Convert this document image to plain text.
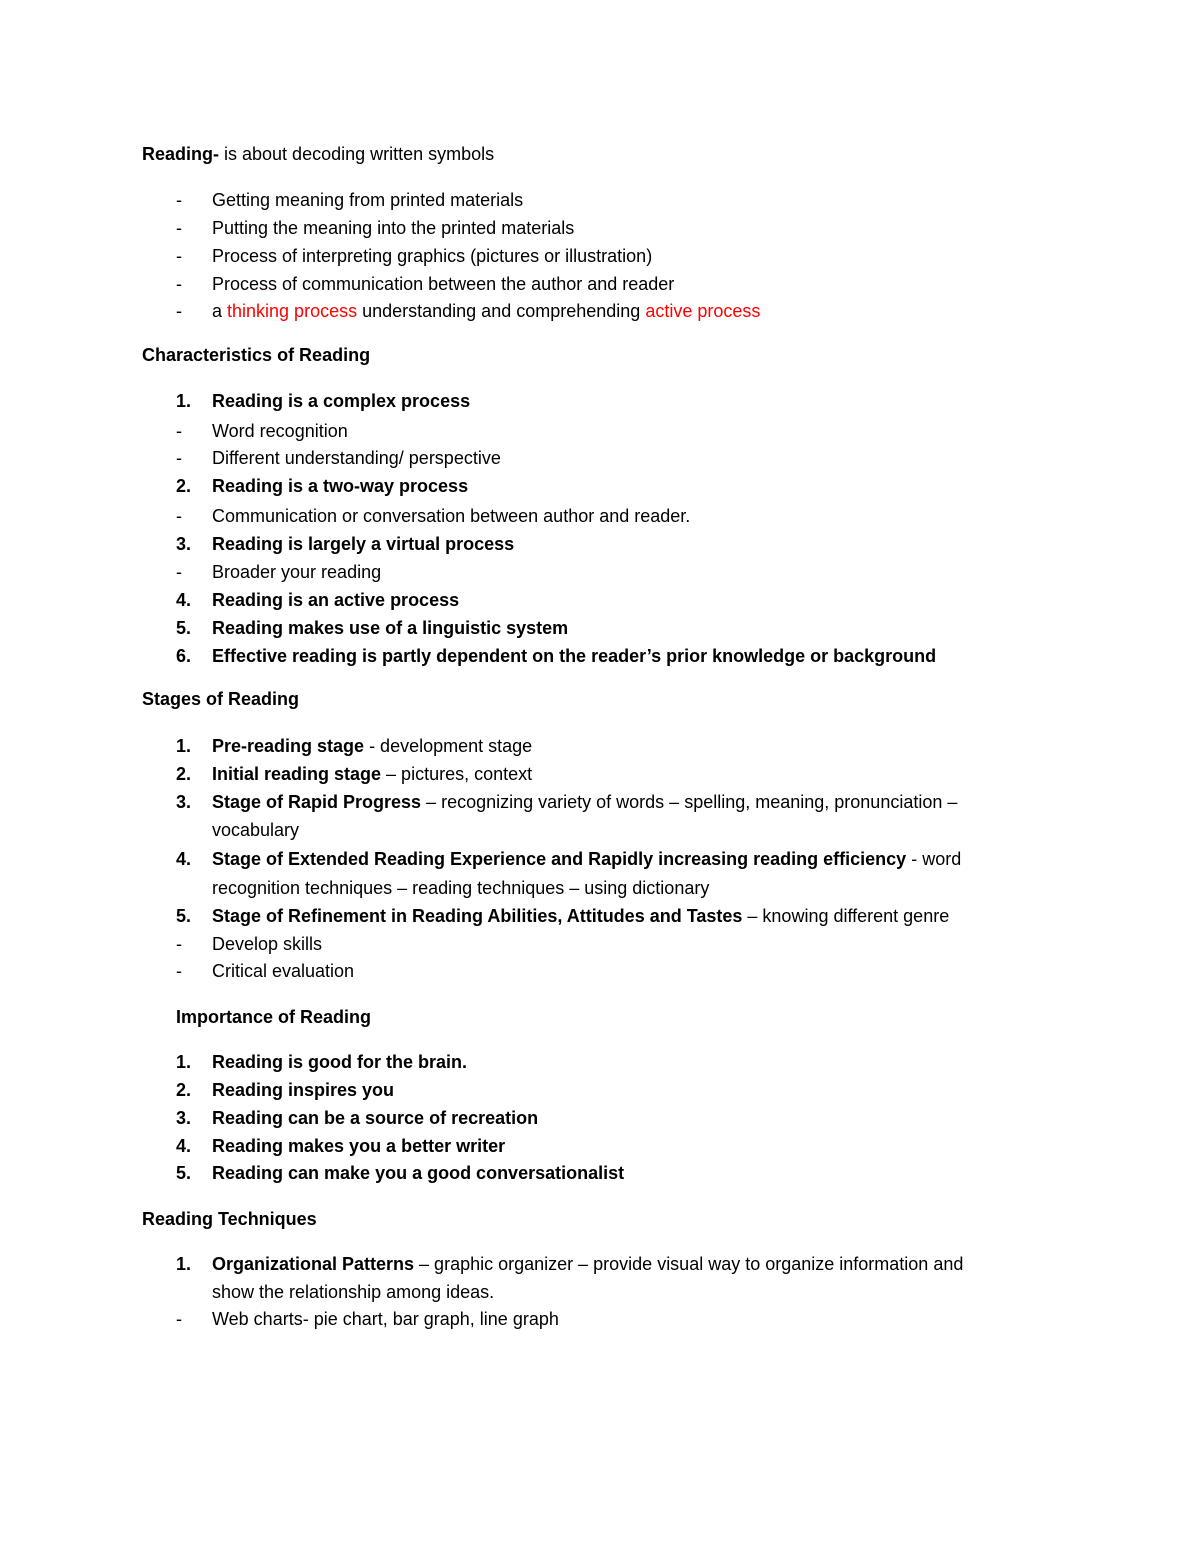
Reading- is about decoding written symbols
-	Getting meaning from printed materials
-	Putting the meaning into the printed materials
-	Process of interpreting graphics (pictures or illustration)
-	Process of communication between the author and reader
-	a thinking process understanding and comprehending active process
Characteristics of Reading
1.	Reading is a complex process
-	Word recognition
-	Different understanding/ perspective
2.	Reading is a two-way process
-	Communication or conversation between author and reader.
3.	Reading is largely a virtual process
-	Broader your reading
4.	Reading is an active process
5.	Reading makes use of a linguistic system
6.	Effective reading is partly dependent on the reader’s prior knowledge or background
Stages of Reading
1.	Pre-reading stage - development stage
2.	Initial reading stage – pictures, context
3.	Stage of Rapid Progress – recognizing variety of words – spelling, meaning, pronunciation –
vocabulary
4.	Stage of Extended Reading Experience and Rapidly increasing reading efficiency - word
recognition techniques – reading techniques – using dictionary
5.	Stage of Refinement in Reading Abilities, Attitudes and Tastes – knowing different genre
-	Develop skills
-	Critical evaluation
Importance of Reading
1.	Reading is good for the brain.
2.	Reading inspires you
3.	Reading can be a source of recreation
4.	Reading makes you a better writer
5.	Reading can make you a good conversationalist
Reading Techniques
1.	Organizational Patterns – graphic organizer – provide visual way to organize information and
show the relationship among ideas.
-	Web charts- pie chart, bar graph, line graph
